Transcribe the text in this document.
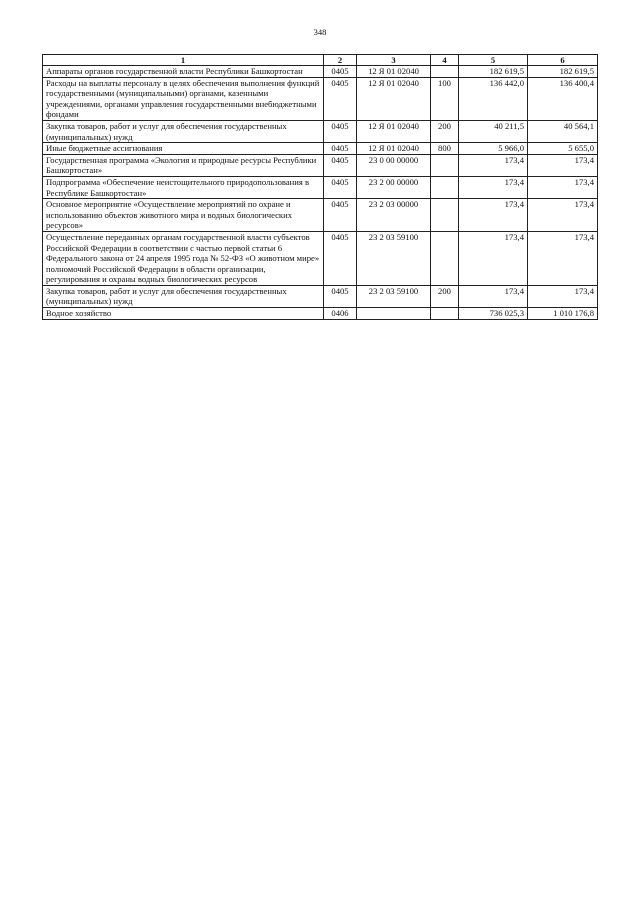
348
1	2	3	4	5	6
Аппараты органов государственной власти Республики Башкортостан	0405	12 Я 01 02040		182 619,5	182 619,5
Расходы на выплаты персоналу в целях обеспечения выполнения функций государственными (муниципальными) органами, казенными учреждениями, органами управления государственными внебюджетными фондами	0405	12 Я 01 02040	100	136 442,0	136 400,4
Закупка товаров, работ и услуг для обеспечения государственных (муниципальных) нужд	0405	12 Я 01 02040	200	40 211,5	40 564,1
Иные бюджетные ассигнования	0405	12 Я 01 02040	800	5 966,0	5 655,0
Государственная программа «Экология и природные ресурсы Республики Башкортостан»	0405	23 0 00 00000		173,4	173,4
Подпрограмма «Обеспечение неистощительного природопользования в Республике Башкортостан»	0405	23 2 00 00000		173,4	173,4
Основное мероприятие «Осуществление мероприятий по охране и использованию объектов животного мира и водных биологических ресурсов»	0405	23 2 03 00000		173,4	173,4
Осуществление переданных органам государственной власти субъектов Российской Федерации в соответствии с частью первой статьи 6 Федерального закона от 24 апреля 1995 года № 52-ФЗ «О животном мире» полномочий Российской Федерации в области организации, регулирования и охраны водных биологических ресурсов	0405	23 2 03 59100		173,4	173,4
Закупка товаров, работ и услуг для обеспечения государственных (муниципальных) нужд	0405	23 2 03 59100	200	173,4	173,4
Водное хозяйство	0406			736 025,3	1 010 176,8
